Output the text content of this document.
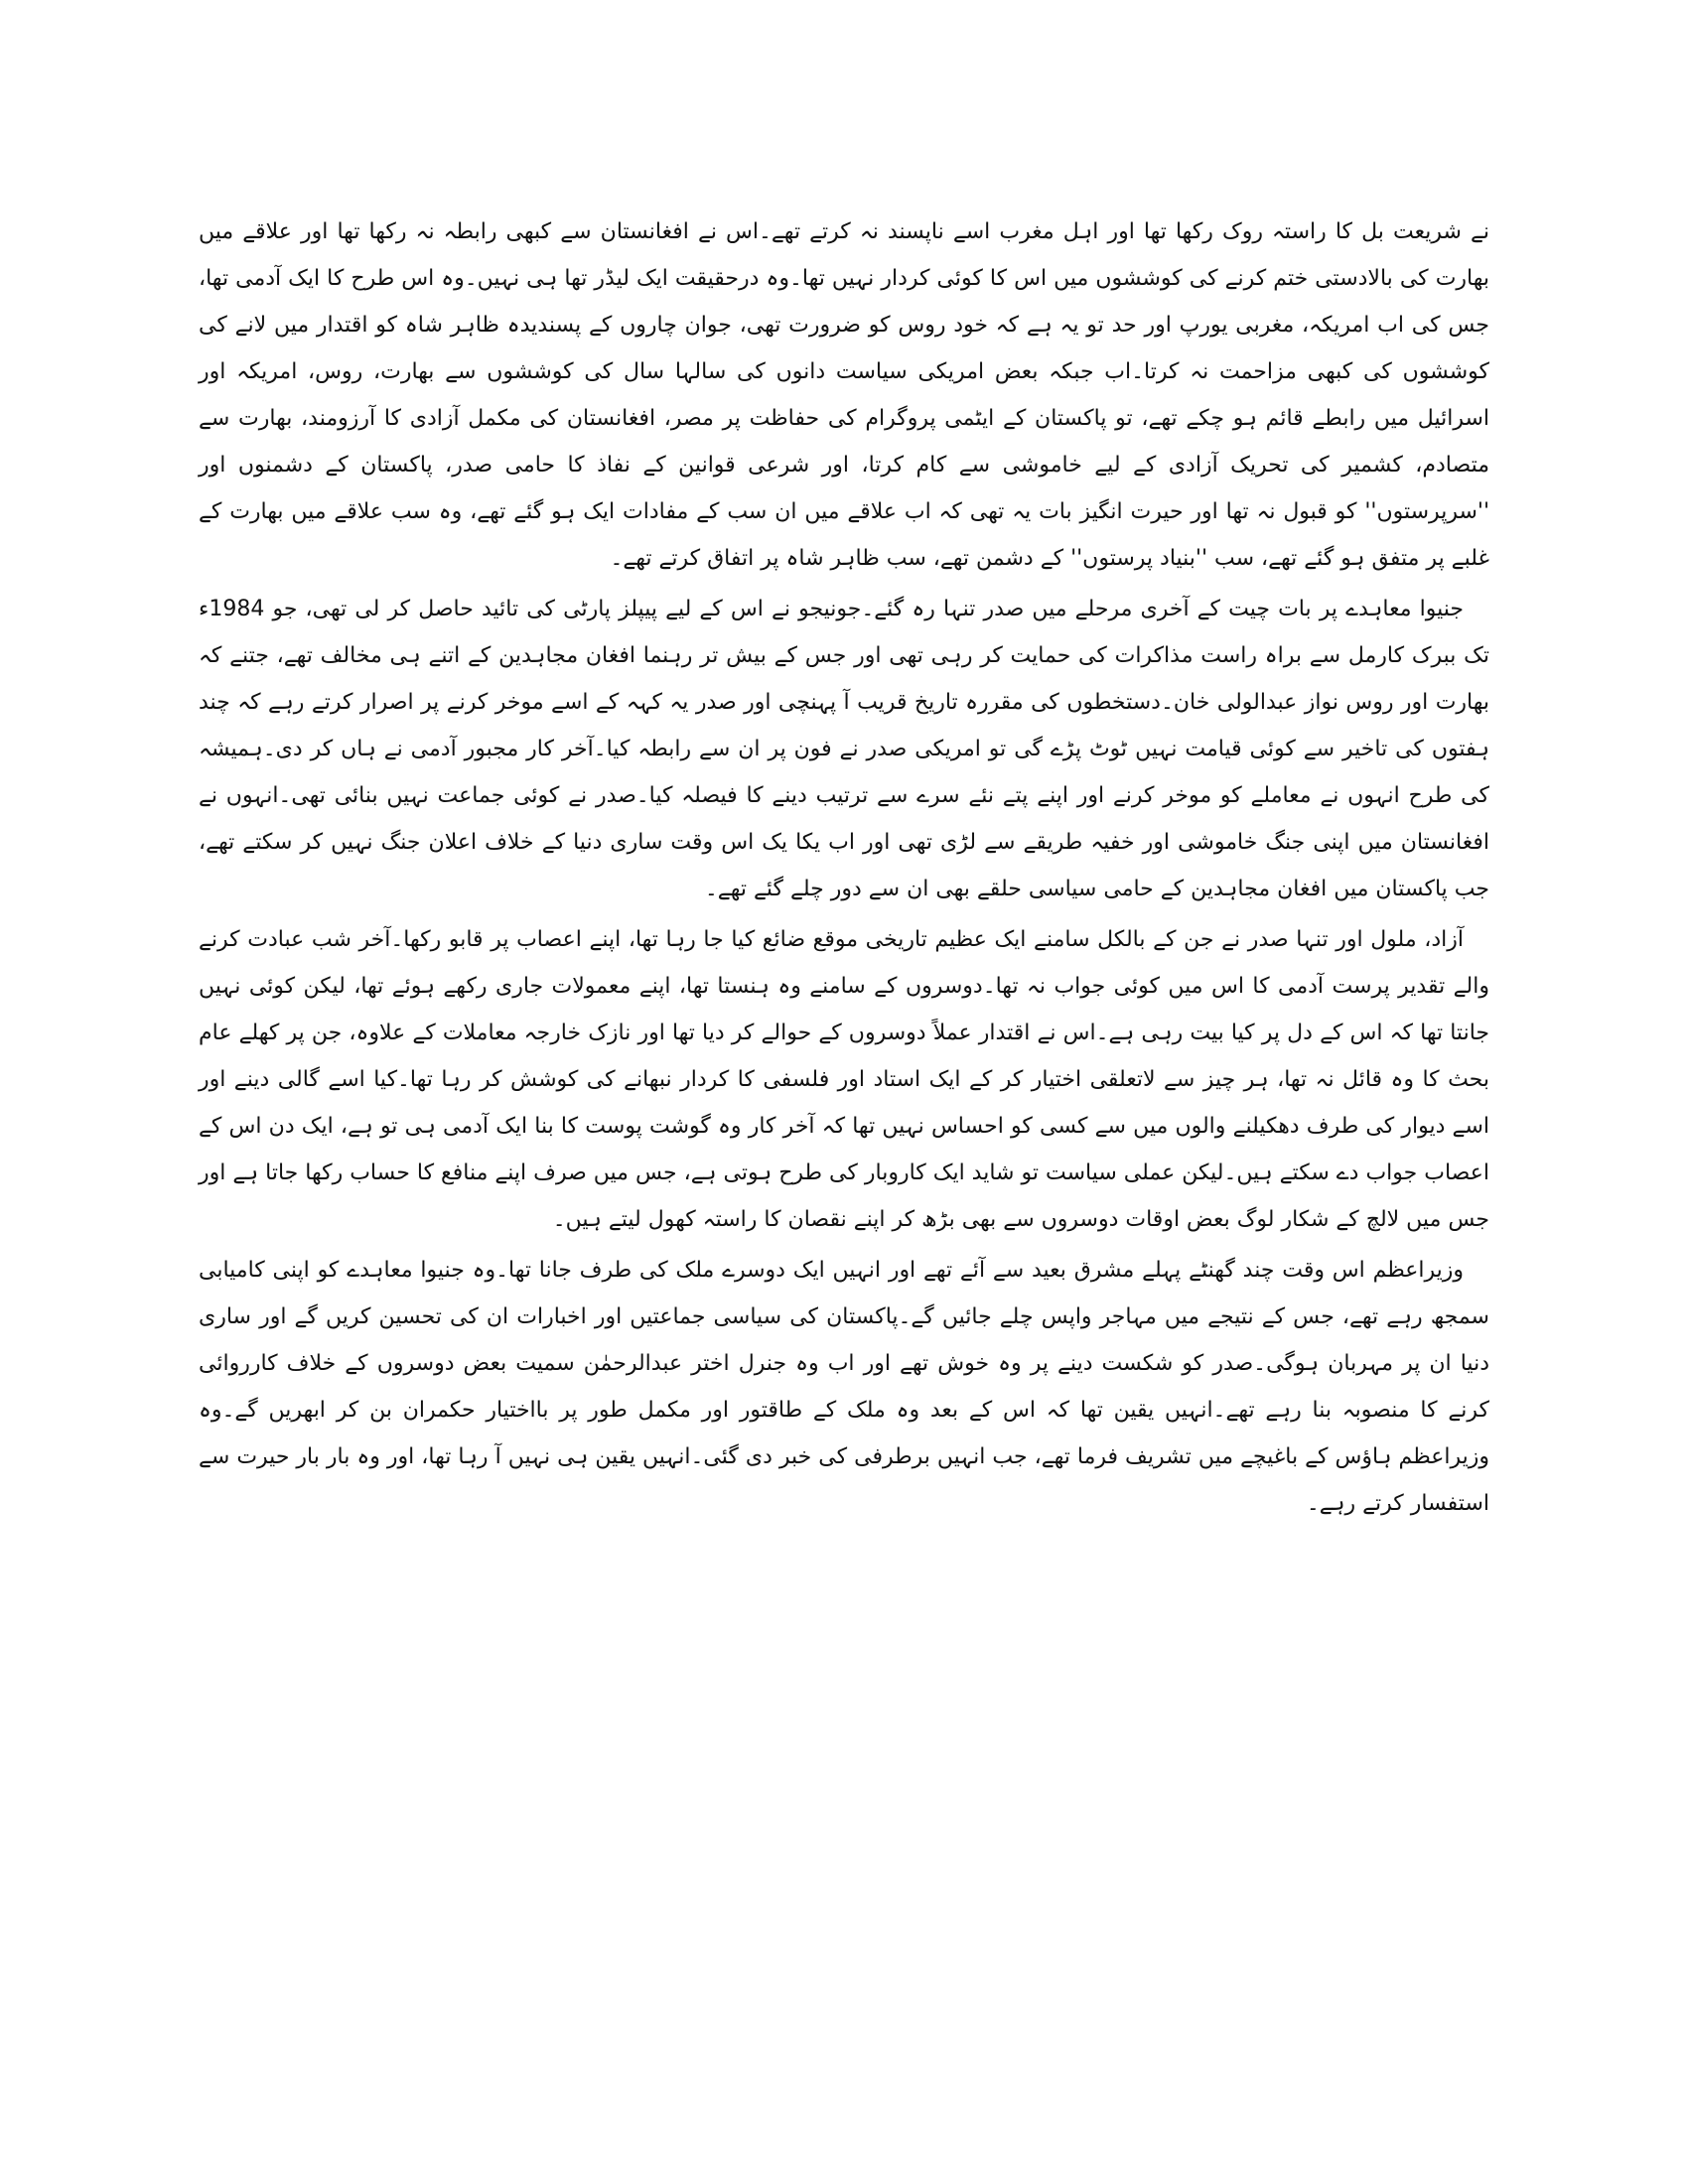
نے شریعت بل کا راستہ روک رکھا تھا اور اہل مغرب اسے ناپسند نہ کرتے تھے۔اس نے افغانستان سے کبھی رابطہ نہ رکھا تھا اور علاقے میں بھارت کی بالادستی ختم کرنے کی کوششوں میں اس کا کوئی کردار نہیں تھا۔وہ درحقیقت ایک لیڈر تھا ہی نہیں۔وہ اس طرح کا ایک آدمی تھا، جس کی اب امریکہ، مغربی یورپ اور حد تو یہ ہے کہ خود روس کو ضرورت تھی، جوان چاروں کے پسندیدہ ظاہر شاہ کو اقتدار میں لانے کی کوششوں کی کبھی مزاحمت نہ کرتا۔اب جبکہ بعض امریکی سیاست دانوں کی سالہا سال کی کوششوں سے بھارت، روس، امریکہ اور اسرائیل میں رابطے قائم ہو چکے تھے، تو پاکستان کے ایٹمی پروگرام کی حفاظت پر مصر، افغانستان کی مکمل آزادی کا آرزومند، بھارت سے متصادم، کشمیر کی تحریک آزادی کے لیے خاموشی سے کام کرتا، اور شرعی قوانین کے نفاذ کا حامی صدر، پاکستان کے دشمنوں اور ''سرپرستوں'' کو قبول نہ تھا اور حیرت انگیز بات یہ تھی کہ اب علاقے میں ان سب کے مفادات ایک ہو گئے تھے، وہ سب علاقے میں بھارت کے غلبے پر متفق ہو گئے تھے، سب ''بنیاد پرستوں'' کے دشمن تھے، سب ظاہر شاہ پر اتفاق کرتے تھے۔

جنیوا معاہدے پر بات چیت کے آخری مرحلے میں صدر تنہا رہ گئے۔جونیجو نے اس کے لیے پیپلز پارٹی کی تائید حاصل کر لی تھی، جو 1984ء تک ببرک کارمل سے براہ راست مذاکرات کی حمایت کر رہی تھی اور جس کے بیش تر رہنما افغان مجاہدین کے اتنے ہی مخالف تھے، جتنے کہ بھارت اور روس نواز عبدالولی خان۔دستخطوں کی مقررہ تاریخ قریب آ پہنچی اور صدر یہ کہہ کے اسے موخر کرنے پر اصرار کرتے رہے کہ چند ہفتوں کی تاخیر سے کوئی قیامت نہیں ٹوٹ پڑے گی تو امریکی صدر نے فون پر ان سے رابطہ کیا۔آخر کار مجبور آدمی نے ہاں کر دی۔ہمیشہ کی طرح انہوں نے معاملے کو موخر کرنے اور اپنے پتے نئے سرے سے ترتیب دینے کا فیصلہ کیا۔صدر نے کوئی جماعت نہیں بنائی تھی۔انہوں نے افغانستان میں اپنی جنگ خاموشی اور خفیہ طریقے سے لڑی تھی اور اب یکا یک اس وقت ساری دنیا کے خلاف اعلان جنگ نہیں کر سکتے تھے، جب پاکستان میں افغان مجاہدین کے حامی سیاسی حلقے بھی ان سے دور چلے گئے تھے۔

آزاد، ملول اور تنہا صدر نے جن کے بالکل سامنے ایک عظیم تاریخی موقع ضائع کیا جا رہا تھا، اپنے اعصاب پر قابو رکھا۔آخر شب عبادت کرنے والے تقدیر پرست آدمی کا اس میں کوئی جواب نہ تھا۔دوسروں کے سامنے وہ ہنستا تھا، اپنے معمولات جاری رکھے ہوئے تھا، لیکن کوئی نہیں جانتا تھا کہ اس کے دل پر کیا بیت رہی ہے۔اس نے اقتدار عملاً دوسروں کے حوالے کر دیا تھا اور نازک خارجہ معاملات کے علاوہ، جن پر کھلے عام بحث کا وہ قائل نہ تھا، ہر چیز سے لاتعلقی اختیار کر کے ایک استاد اور فلسفی کا کردار نبھانے کی کوشش کر رہا تھا۔کیا اسے گالی دینے اور اسے دیوار کی طرف دھکیلنے والوں میں سے کسی کو احساس نہیں تھا کہ آخر کار وہ گوشت پوست کا بنا ایک آدمی ہی تو ہے، ایک دن اس کے اعصاب جواب دے سکتے ہیں۔لیکن عملی سیاست تو شاید ایک کاروبار کی طرح ہوتی ہے، جس میں صرف اپنے منافع کا حساب رکھا جاتا ہے اور جس میں لالچ کے شکار لوگ بعض اوقات دوسروں سے بھی بڑھ کر اپنے نقصان کا راستہ کھول لیتے ہیں۔

وزیراعظم اس وقت چند گھنٹے پہلے مشرق بعید سے آئے تھے اور انہیں ایک دوسرے ملک کی طرف جانا تھا۔وہ جنیوا معاہدے کو اپنی کامیابی سمجھ رہے تھے، جس کے نتیجے میں مہاجر واپس چلے جائیں گے۔پاکستان کی سیاسی جماعتیں اور اخبارات ان کی تحسین کریں گے اور ساری دنیا ان پر مہربان ہوگی۔صدر کو شکست دینے پر وہ خوش تھے اور اب وہ جنرل اختر عبدالرحمٰن سمیت بعض دوسروں کے خلاف کارروائی کرنے کا منصوبہ بنا رہے تھے۔انہیں یقین تھا کہ اس کے بعد وہ ملک کے طاقتور اور مکمل طور پر بااختیار حکمران بن کر ابھریں گے۔وہ وزیراعظم ہاؤس کے باغیچے میں تشریف فرما تھے، جب انہیں برطرفی کی خبر دی گئی۔انہیں یقین ہی نہیں آ رہا تھا، اور وہ بار بار حیرت سے استفسار کرتے رہے۔
